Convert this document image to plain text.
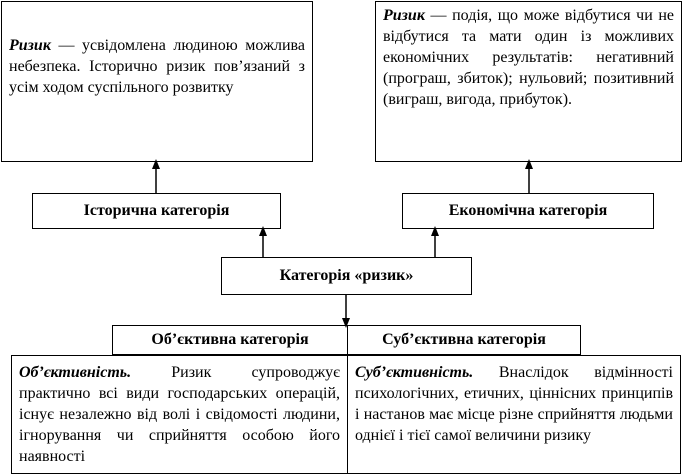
Ризик — усвідомлена людиною можлива небезпека. Історично ризик пов’язаний з усім ходом суспільного розвитку
Ризик — подія, що може відбутися чи не відбутися та мати один із можливих економічних результатів: негативний (програш, збиток); нульовий; позитивний (виграш, вигода, прибуток).
Історична категорія	Економічна категорія
Категорія «ризик»
Об’єктивна категорія	Суб’єктивна категорія
Об’єктивність. Ризик супроводжує практично всі види господарських операцій, існує незалежно від волі і свідомості людини, ігнорування чи сприйняття особою його наявності
Суб’єктивність. Внаслідок відмінності психологічних, етичних, ціннісних принципів і настанов має місце різне сприйняття людьми однієї і тієї самої величини ризику
